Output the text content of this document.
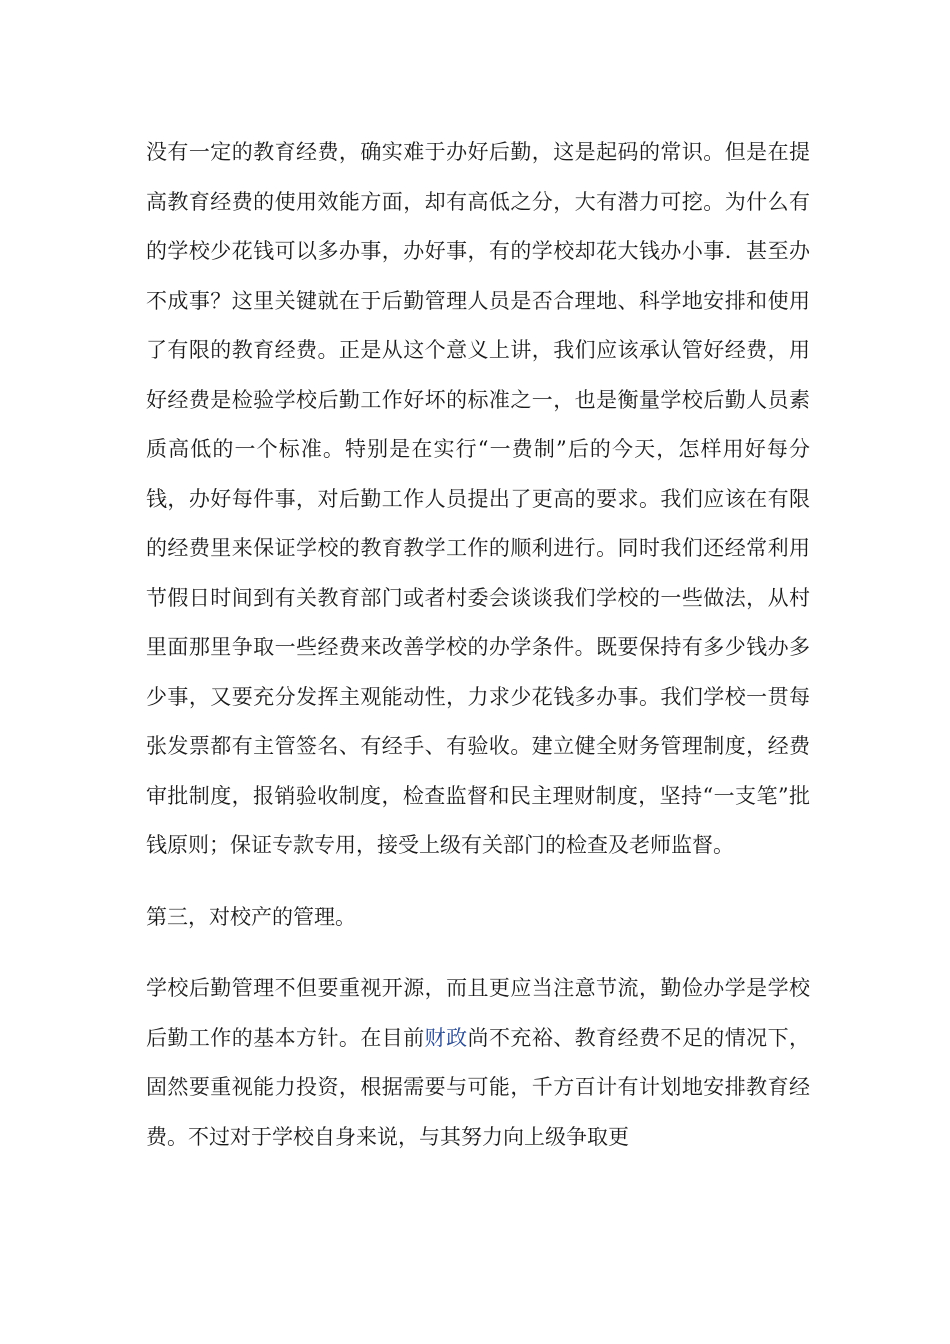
没有一定的教育经费，确实难于办好后勤，这是起码的常识。但是在提高教育经费的使用效能方面，却有高低之分，大有潜力可挖。为什么有的学校少花钱可以多办事，办好事，有的学校却花大钱办小事．甚至办不成事？这里关键就在于后勤管理人员是否合理地、科学地安排和使用了有限的教育经费。正是从这个意义上讲，我们应该承认管好经费，用好经费是检验学校后勤工作好坏的标准之一，也是衡量学校后勤人员素质高低的一个标准。特别是在实行“一费制”后的今天，怎样用好每分钱，办好每件事，对后勤工作人员提出了更高的要求。我们应该在有限的经费里来保证学校的教育教学工作的顺利进行。同时我们还经常利用节假日时间到有关教育部门或者村委会谈谈我们学校的一些做法，从村里面那里争取一些经费来改善学校的办学条件。既要保持有多少钱办多少事，又要充分发挥主观能动性，力求少花钱多办事。我们学校一贯每张发票都有主管签名、有经手、有验收。建立健全财务管理制度，经费审批制度，报销验收制度，检查监督和民主理财制度，坚持“一支笔”批钱原则；保证专款专用，接受上级有关部门的检查及老师监督。

第三，对校产的管理。

学校后勤管理不但要重视开源，而且更应当注意节流，勤俭办学是学校后勤工作的基本方针。在目前财政尚不充裕、教育经费不足的情况下，固然要重视能力投资，根据需要与可能，千方百计有计划地安排教育经费。不过对于学校自身来说，与其努力向上级争取更
